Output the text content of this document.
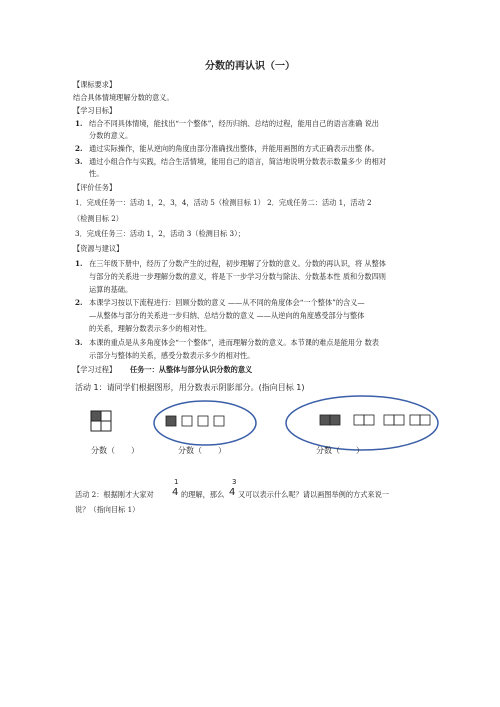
分数的再认识（一）
【课标要求】
结合具体情境理解分数的意义。
【学习目标】
1. 结合不同具体情境，能找出“一个整体”，经历归纳、总结的过程，能用自己的语言准确 说出
分数的意义。
2. 通过实际操作，能从逆向的角度由部分准确找出整体，并能用画图的方式正确表示出整 体。
3. 通过小组合作与实践，结合生活情境，能用自己的语言，简洁地说明分数表示数量多少 的相对
性。
【评价任务】
1．完成任务一：活动 1，2，3，4，活动 5（检测目标 1） 2．完成任务二：活动 1，活动 2
（检测目标 2）
3．完成任务三：活动 1，2，活动 3（检测目标 3）；
【资源与建议】
1. 在三年级下册中，经历了分数产生的过程，初步理解了分数的意义。分数的再认识，将 从整体
与部分的关系进一步理解分数的意义，将是下一步学习分数与除法、分数基本性 质和分数四则
运算的基础。
2. 本课学习按以下流程进行：回顾分数的意义 ——从不同的角度体会“一个整体”的含义—
—从整体与部分的关系进一步归纳、总结分数的意义 ——从逆向的角度感受部分与整体
的关系，理解分数表示多少的相对性。
3. 本课的重点是从多角度体会“一个整体”，进而理解分数的意义。本节课的难点是能用分 数表
示部分与整体的关系，感受分数表示多少的相对性。
【学习过程】 任务一：从整体与部分认识分数的意义
活动 1：请同学们根据图形，用分数表示阴影部分。(指向目标 1)
分数（　　）	分数（　　）	分数（　　）
1	3
活动 2：根据刚才大家对 4 的理解，那么 4 又可以表示什么呢？请以画图举例的方式来说一
说？（指向目标 1）
